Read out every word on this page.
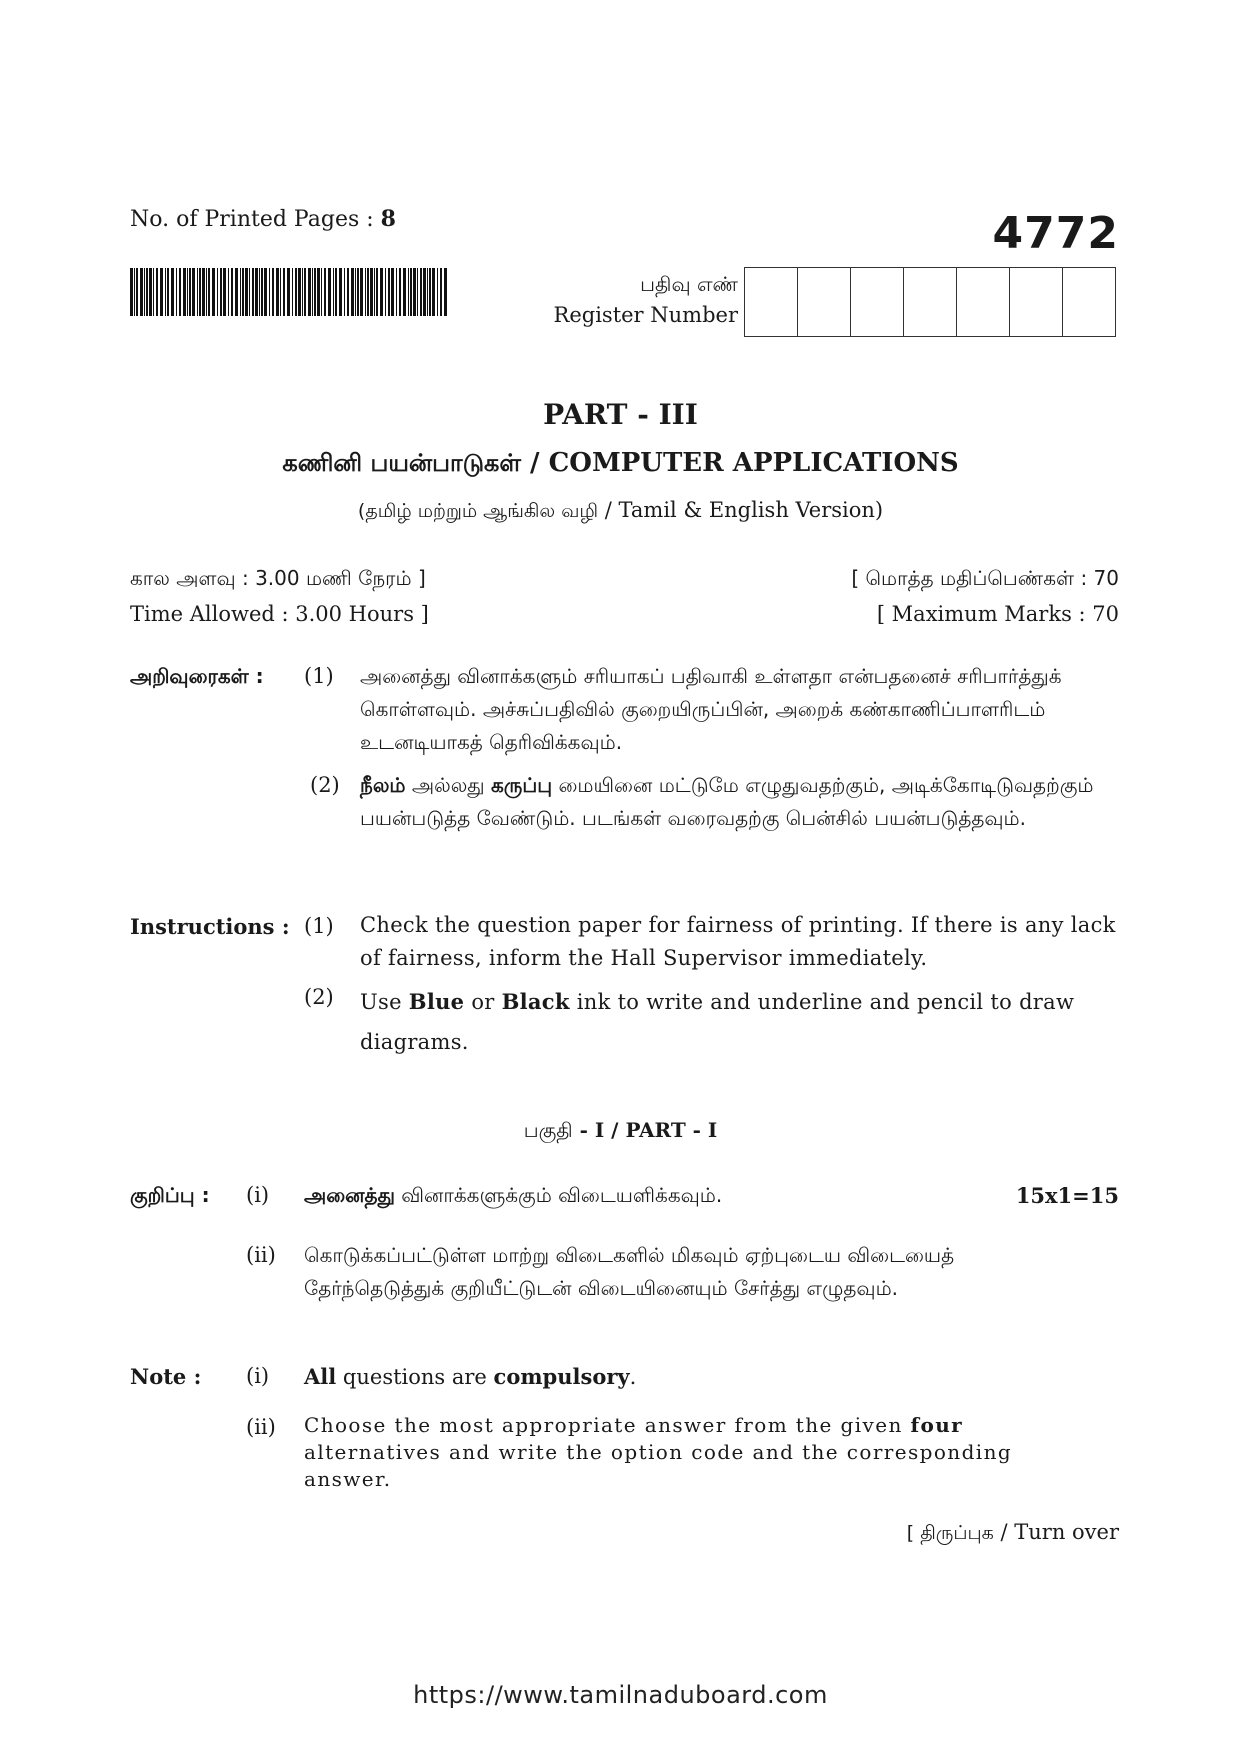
No. of Printed Pages : 8	4772
பதிவு எண்
Register Number
PART - III
கணினி பயன்பாடுகள் / COMPUTER APPLICATIONS
(தமிழ் மற்றும் ஆங்கில வழி / Tamil & English Version)
கால அளவு : 3.00 மணி நேரம் ]
Time Allowed : 3.00 Hours ]
[ மொத்த மதிப்பெண்கள் : 70
[ Maximum Marks : 70
அறிவுரைகள் : (1) அனைத்து வினாக்களும் சரியாகப் பதிவாகி உள்ளதா என்பதனைச் சரிபார்த்துக் கொள்ளவும். அச்சுப்பதிவில் குறையிருப்பின், அறைக் கண்காணிப்பாளரிடம் உடனடியாகத் தெரிவிக்கவும்.
(2) நீலம் அல்லது கருப்பு மையினை மட்டுமே எழுதுவதற்கும், அடிக்கோடிடுவதற்கும் பயன்படுத்த வேண்டும். படங்கள் வரைவதற்கு பென்சில் பயன்படுத்தவும்.
Instructions : (1) Check the question paper for fairness of printing. If there is any lack of fairness, inform the Hall Supervisor immediately.
(2) Use Blue or Black ink to write and underline and pencil to draw diagrams.
பகுதி - I / PART - I
குறிப்பு : (i) அனைத்து வினாக்களுக்கும் விடையளிக்கவும்.	15x1=15
(ii) கொடுக்கப்பட்டுள்ள மாற்று விடைகளில் மிகவும் ஏற்புடைய விடையைத் தேர்ந்தெடுத்துக் குறியீட்டுடன் விடையினையும் சேர்த்து எழுதவும்.
Note : (i) All questions are compulsory.
(ii) Choose the most appropriate answer from the given four alternatives and write the option code and the corresponding answer.
[ திருப்புக / Turn over
https://www.tamilnaduboard.com
